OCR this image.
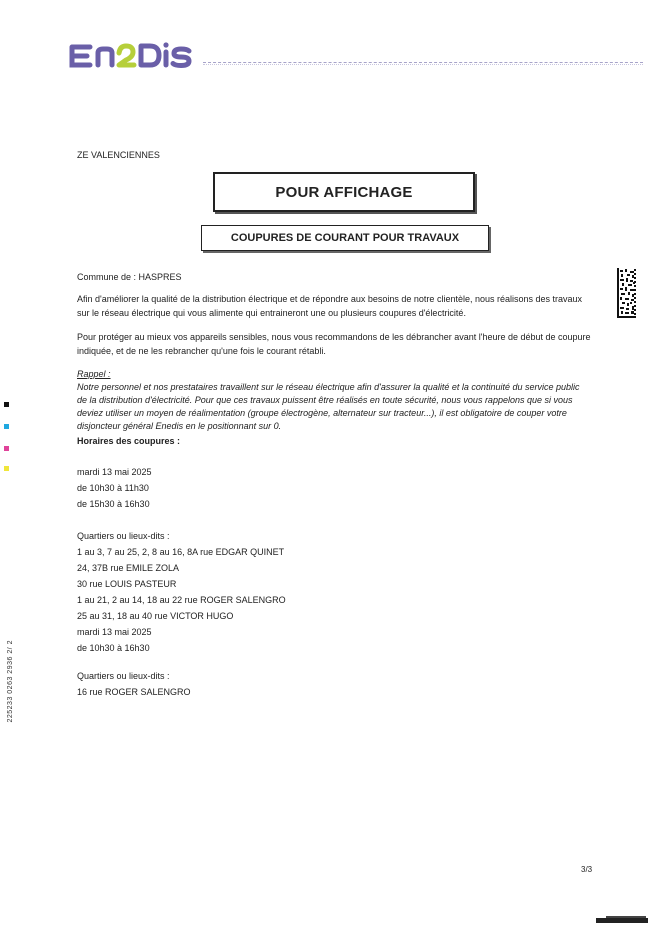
ZE VALENCIENNES
POUR AFFICHAGE
COUPURES DE COURANT POUR TRAVAUX
Commune de : HASPRES
Afin d'améliorer la qualité de la distribution électrique et de répondre aux besoins de notre clientèle, nous réalisons des travaux
sur le réseau électrique qui vous alimente qui entraineront une ou plusieurs coupures d'électricité.
Pour protéger au mieux vos appareils sensibles, nous vous recommandons de les débrancher avant l'heure de début de coupure
indiquée, et de ne les rebrancher qu'une fois le courant rétabli.
Rappel :
Notre personnel et nos prestataires travaillent sur le réseau électrique afin d'assurer la qualité et la continuité du service public
de la distribution d'électricité. Pour que ces travaux puissent être réalisés en toute sécurité, nous vous rappelons que si vous
deviez utiliser un moyen de réalimentation (groupe électrogène, alternateur sur tracteur...), il est obligatoire de couper votre
disjoncteur général Enedis en le positionnant sur 0.
Horaires des coupures :
mardi 13 mai 2025
de 10h30 à 11h30
de 15h30 à 16h30
Quartiers ou lieux-dits :
1 au 3, 7 au 25, 2, 8 au 16, 8A rue EDGAR QUINET
24, 37B rue EMILE ZOLA
30 rue LOUIS PASTEUR
1 au 21, 2 au 14, 18 au 22 rue ROGER SALENGRO
25 au 31, 18 au 40 rue VICTOR HUGO
mardi 13 mai 2025
de 10h30 à 16h30
Quartiers ou lieux-dits :
16 rue ROGER SALENGRO
225233 0263 2936 2/ 2
3/3
